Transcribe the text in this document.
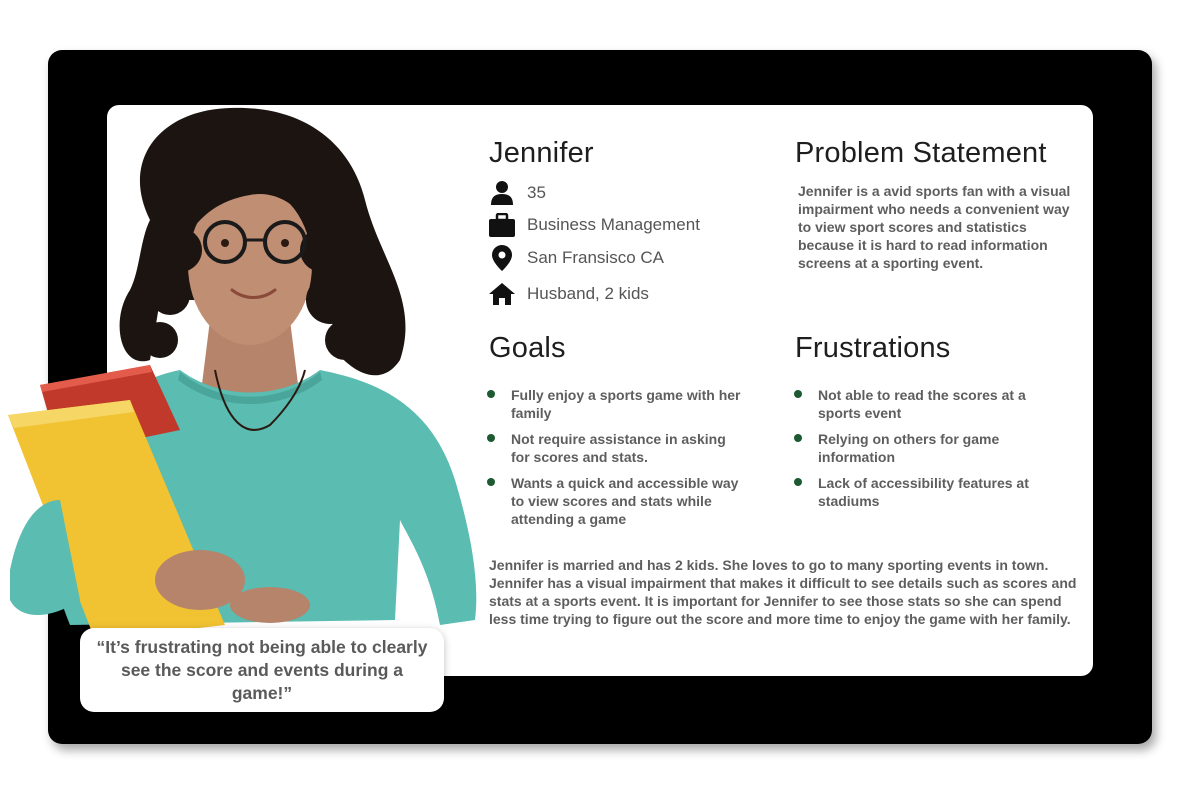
Jennifer
35
Business Management
San Fransisco CA
Husband, 2 kids
Problem Statement

Jennifer is a avid sports fan with a visual impairment who needs a convenient way to view sport scores and statistics because it is hard to read information screens at a sporting event.

Goals
Fully enjoy a sports game with her family
Not require assistance in asking for scores and stats.
Wants a quick and accessible way to view scores and stats while attending a game
Frustrations
Not able to read the scores at a sports event
Relying on others for game information
Lack of accessibility features at stadiums

Jennifer is married and has 2 kids. She loves to go to many sporting events in town. Jennifer has a visual impairment that makes it difficult to see details such as scores and stats at a sports event. It is important for Jennifer to see those stats so she can spend less time trying to figure out the score and more time to enjoy the game with her family.

“It’s frustrating not being able to clearly see the score and events during a game!”
